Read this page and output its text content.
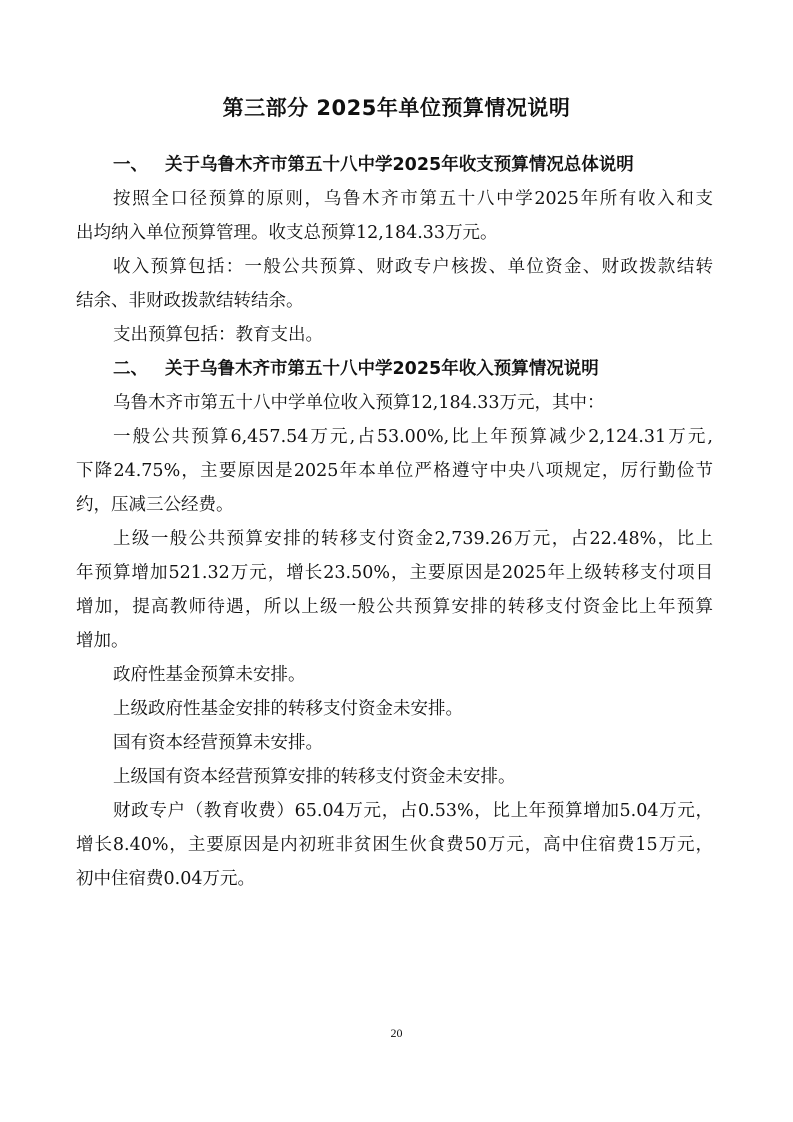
第三部分 2025年单位预算情况说明

一、 关于乌鲁木齐市第五十八中学2025年收支预算情况总体说明

按照全口径预算的原则，乌鲁木齐市第五十八中学2025年所有收入和支

出均纳入单位预算管理。收支总预算12,184.33万元。

收入预算包括：一般公共预算、财政专户核拨、单位资金、财政拨款结转

结余、非财政拨款结转结余。

支出预算包括：教育支出。

二、 关于乌鲁木齐市第五十八中学2025年收入预算情况说明

乌鲁木齐市第五十八中学单位收入预算12,184.33万元，其中：

一般公共预算6,457.54万元,占53.00%,比上年预算减少2,124.31万元,

下降24.75%，主要原因是2025年本单位严格遵守中央八项规定，厉行勤俭节

约，压减三公经费。

上级一般公共预算安排的转移支付资金2,739.26万元，占22.48%，比上

年预算增加521.32万元，增长23.50%，主要原因是2025年上级转移支付项目

增加，提高教师待遇，所以上级一般公共预算安排的转移支付资金比上年预算

增加。

政府性基金预算未安排。

上级政府性基金安排的转移支付资金未安排。

国有资本经营预算未安排。

上级国有资本经营预算安排的转移支付资金未安排。

财政专户（教育收费）65.04万元，占0.53%，比上年预算增加5.04万元，

增长8.40%，主要原因是内初班非贫困生伙食费50万元，高中住宿费15万元，

初中住宿费0.04万元。

20
